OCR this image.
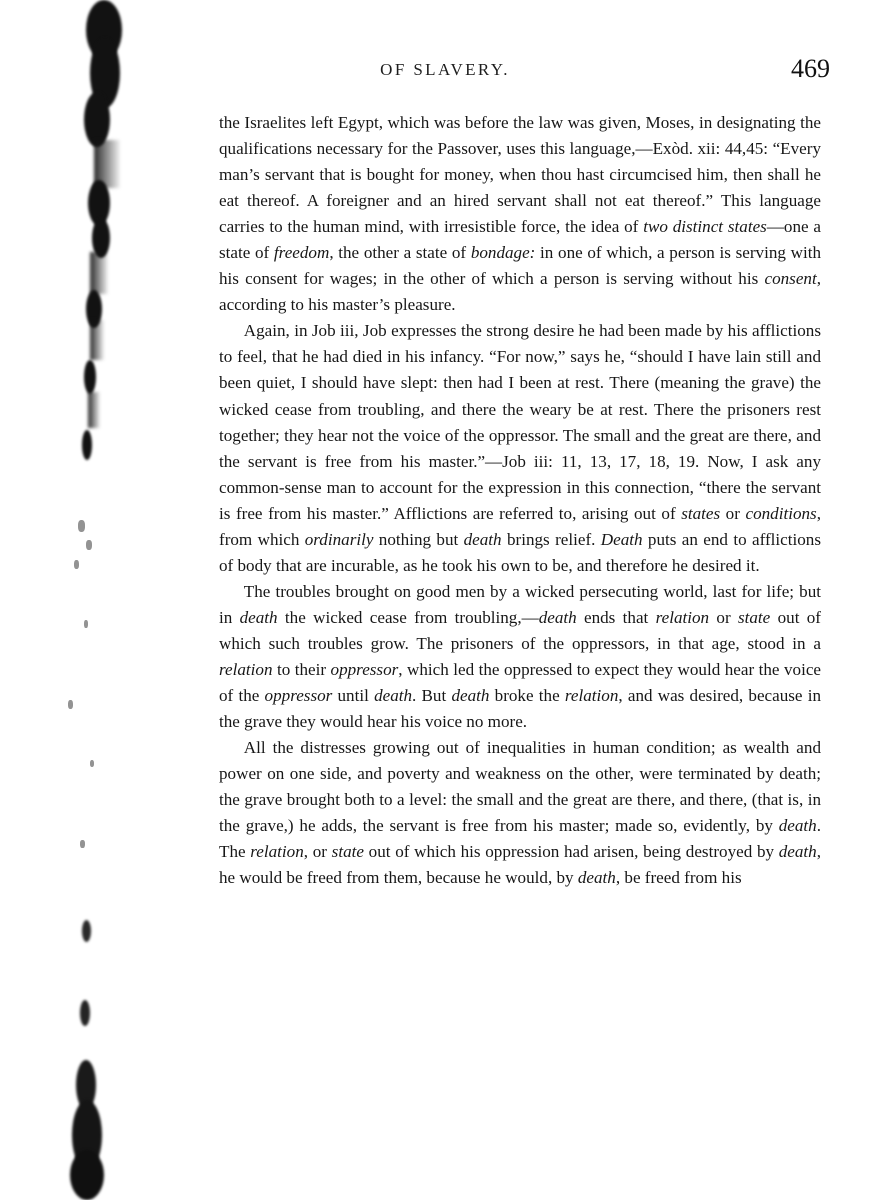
OF SLAVERY.	469

the Israelites left Egypt, which was before the law was given, Moses, in designating the qualifications necessary for the Passover, uses this language,—Exòd. xii: 44,45: “Every man’s servant that is bought for money, when thou hast circumcised him, then shall he eat thereof. A foreigner and an hired servant shall not eat thereof.” This language carries to the human mind, with irresistible force, the idea of two distinct states—one a state of freedom, the other a state of bondage: in one of which, a person is serving with his consent for wages; in the other of which a person is serving without his consent, according to his master’s pleasure.

Again, in Job iii, Job expresses the strong desire he had been made by his afflictions to feel, that he had died in his infancy. “For now,” says he, “should I have lain still and been quiet, I should have slept: then had I been at rest. There (meaning the grave) the wicked cease from troubling, and there the weary be at rest. There the prisoners rest together; they hear not the voice of the oppressor. The small and the great are there, and the servant is free from his master.”—Job iii: 11, 13, 17, 18, 19. Now, I ask any common-sense man to account for the expression in this connection, “there the servant is free from his master.” Afflictions are referred to, arising out of states or conditions, from which ordinarily nothing but death brings relief. Death puts an end to afflictions of body that are incurable, as he took his own to be, and therefore he desired it.

The troubles brought on good men by a wicked persecuting world, last for life; but in death the wicked cease from troubling,—death ends that relation or state out of which such troubles grow. The prisoners of the oppressors, in that age, stood in a relation to their oppressor, which led the oppressed to expect they would hear the voice of the oppressor until death. But death broke the relation, and was desired, because in the grave they would hear his voice no more.

All the distresses growing out of inequalities in human condition; as wealth and power on one side, and poverty and weakness on the other, were terminated by death; the grave brought both to a level: the small and the great are there, and there, (that is, in the grave,) he adds, the servant is free from his master; made so, evidently, by death. The relation, or state out of which his oppression had arisen, being destroyed by death, he would be freed from them, because he would, by death, be freed from his
